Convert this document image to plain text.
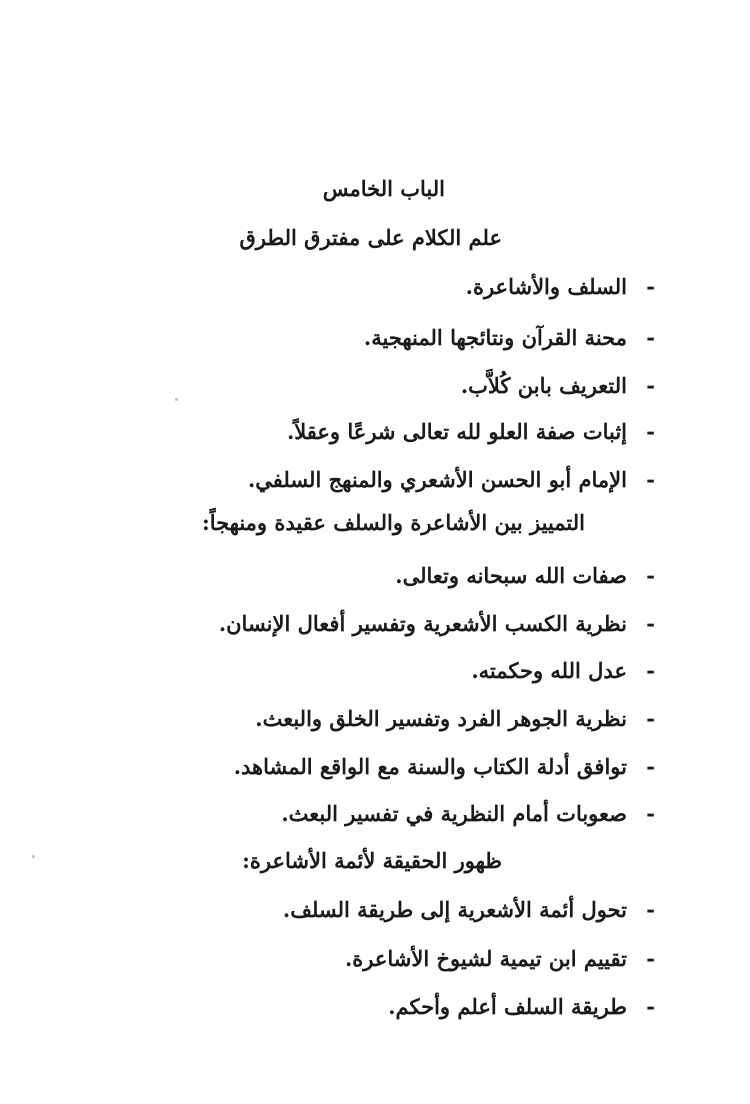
الباب الخامس
علم الكلام على مفترق الطرق
-
السلف والأشاعرة.
-
محنة القرآن ونتائجها المنهجية.
-
التعريف بابن كُلاَّب.
-
إثبات صفة العلو لله تعالى شرعًا وعقلاً.
-
الإمام أبو الحسن الأشعري والمنهج السلفي.
التمييز بين الأشاعرة والسلف عقيدة ومنهجاً:
-
صفات الله سبحانه وتعالى.
-
نظرية الكسب الأشعرية وتفسير أفعال الإنسان.
-
عدل الله وحكمته.
-
نظرية الجوهر الفرد وتفسير الخلق والبعث.
-
توافق أدلة الكتاب والسنة مع الواقع المشاهد.
-
صعوبات أمام النظرية في تفسير البعث.
ظهور الحقيقة لأئمة الأشاعرة:
-
تحول أئمة الأشعرية إلى طريقة السلف.
-
تقييم ابن تيمية لشيوخ الأشاعرة.
-
طريقة السلف أعلم وأحكم.
